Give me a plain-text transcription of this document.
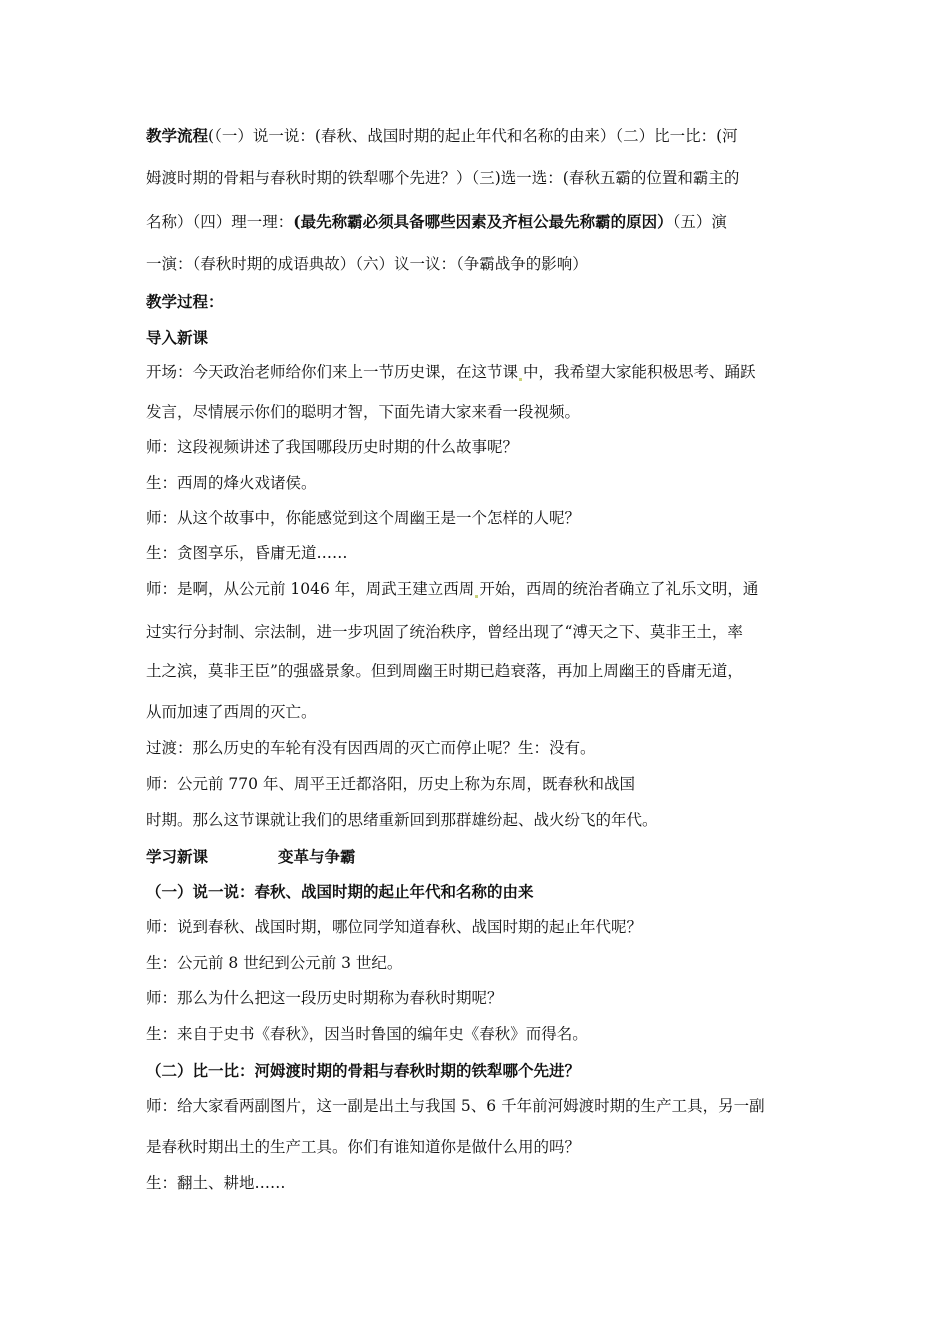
教学流程(（一）说一说：(春秋、战国时期的起止年代和名称的由来）（二）比一比：(河
姆渡时期的骨耜与春秋时期的铁犁哪个先进？）（三)选一选：(春秋五霸的位置和霸主的
名称）（四）理一理：(最先称霸必须具备哪些因素及齐桓公最先称霸的原因）（五）演
一演：（春秋时期的成语典故）（六）议一议：（争霸战争的影响）
教学过程：
导入新课
开场：今天政治老师给你们来上一节历史课，在这节课 中，我希望大家能积极思考、踊跃
发言，尽情展示你们的聪明才智，下面先请大家来看一段视频。
师：这段视频讲述了我国哪段历史时期的什么故事呢？
生：西周的烽火戏诸侯。
师：从这个故事中，你能感觉到这个周幽王是一个怎样的人呢？
生：贪图享乐，昏庸无道……
师：是啊，从公元前 1046 年，周武王建立西周 开始，西周的统治者确立了礼乐文明，通
过实行分封制、宗法制，进一步巩固了统治秩序，曾经出现了“溥天之下、莫非王土，率
土之滨，莫非王臣”的强盛景象。但到周幽王时期已趋衰落，再加上周幽王的昏庸无道，
从而加速了西周的灭亡。
过渡：那么历史的车轮有没有因西周的灭亡而停止呢？生：没有。
师：公元前 770 年、周平王迁都洛阳，历史上称为东周，既春秋和战国
时期。那么这节课就让我们的思绪重新回到那群雄纷起、战火纷飞的年代。
学习新课	变革与争霸
（一）说一说：春秋、战国时期的起止年代和名称的由来
师：说到春秋、战国时期，哪位同学知道春秋、战国时期的起止年代呢？
生：公元前 8 世纪到公元前 3 世纪。
师：那么为什么把这一段历史时期称为春秋时期呢？
生：来自于史书《春秋》，因当时鲁国的编年史《春秋》而得名。
（二）比一比：河姆渡时期的骨耜与春秋时期的铁犁哪个先进？
师：给大家看两副图片，这一副是出土与我国 5、6 千年前河姆渡时期的生产工具，另一副
是春秋时期出土的生产工具。你们有谁知道你是做什么用的吗？
生：翻土、耕地……
